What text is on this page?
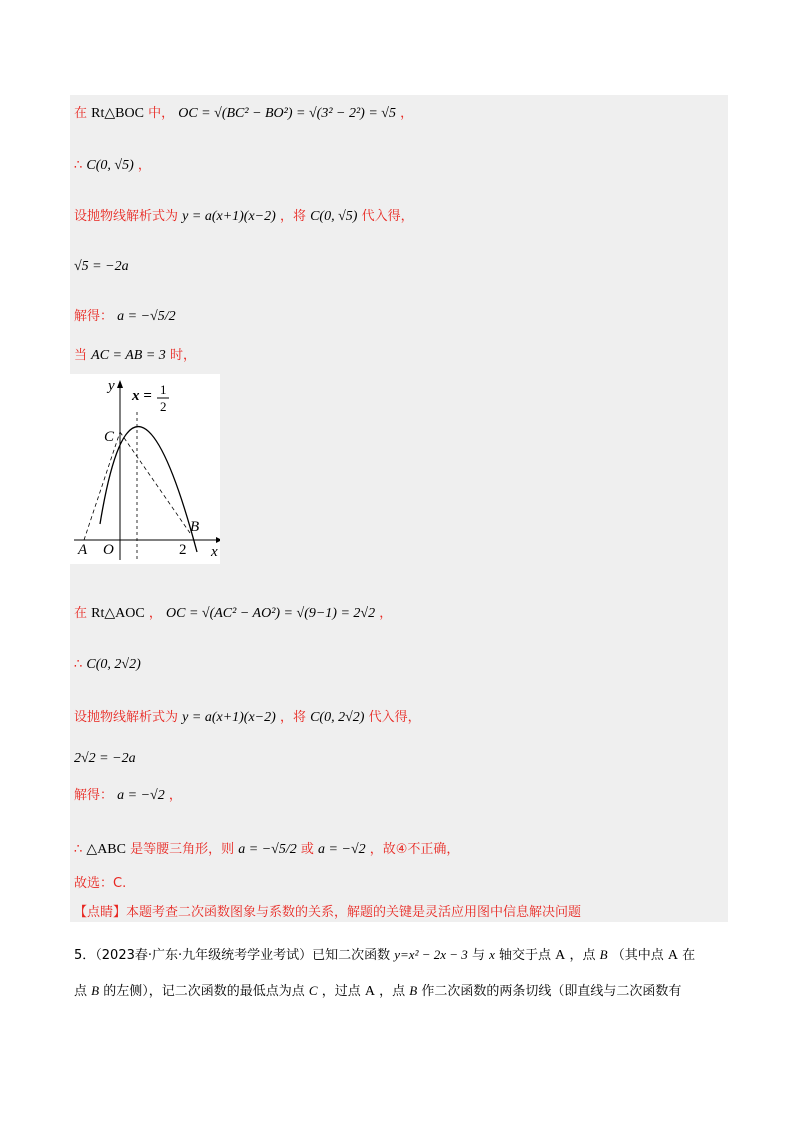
在 Rt△BOC 中， OC = √(BC² − BO²) = √(3² − 2²) = √5 ，
∴ C(0, √5) ，
设抛物线解析式为 y = a(x+1)(x−2) ，将 C(0, √5) 代入得，
√5 = −2a
解得： a = −√5/2
当 AC = AB = 3 时，
y
x = 1
2
C
B
A O	2 x
在 Rt△AOC ， OC = √(AC² − AO²) = √(9−1) = 2√2 ，
∴ C(0, 2√2)
设抛物线解析式为 y = a(x+1)(x−2) ，将 C(0, 2√2) 代入得，
2√2 = −2a
解得： a = −√2 ，
∴ △ABC 是等腰三角形，则 a = −√5/2 或 a = −√2 ，故④不正确，
故选：C.
【点睛】本题考查二次函数图象与系数的关系，解题的关键是灵活应用图中信息解决问题
5．（2023春·广东·九年级统考学业考试）已知二次函数 y=x² − 2x − 3 与 x 轴交于点 A ，点 B （其中点 A 在
点 B 的左侧），记二次函数的最低点为点 C ，过点 A ，点 B 作二次函数的两条切线（即直线与二次函数有
